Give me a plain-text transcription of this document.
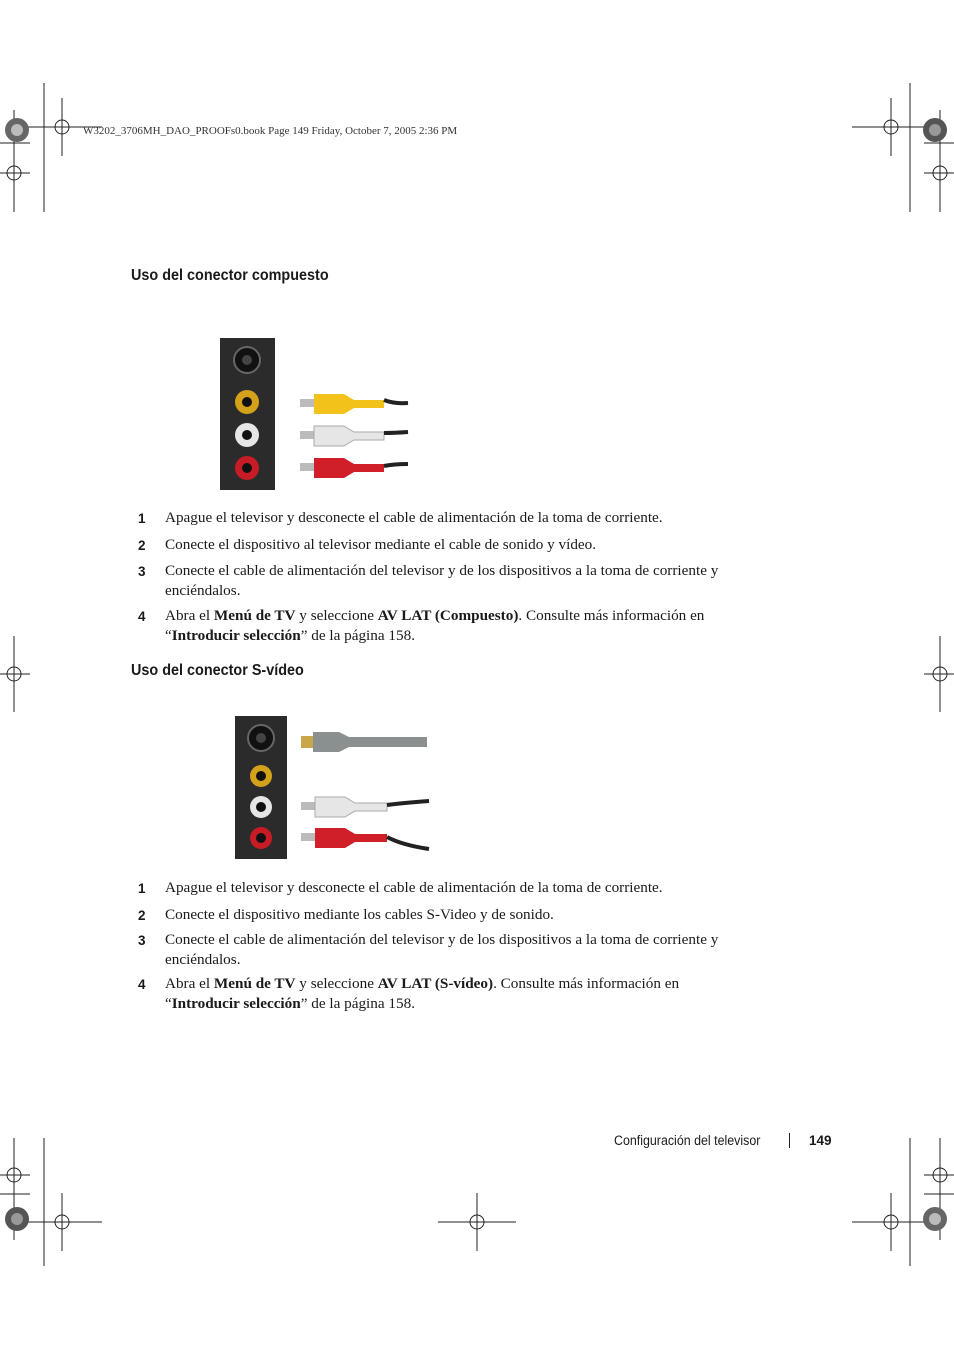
W3202_3706MH_DAO_PROOFs0.book Page 149 Friday, October 7, 2005 2:36 PM
Uso del conector compuesto
1	Apague el televisor y desconecte el cable de alimentación de la toma de corriente.
2	Conecte el dispositivo al televisor mediante el cable de sonido y vídeo.
3	Conecte el cable de alimentación del televisor y de los dispositivos a la toma de corriente y enciéndalos.
4	Abra el Menú de TV y seleccione AV LAT (Compuesto). Consulte más información en “Introducir selección” de la página 158.
Uso del conector S-vídeo
1	Apague el televisor y desconecte el cable de alimentación de la toma de corriente.
2	Conecte el dispositivo mediante los cables S-Video y de sonido.
3	Conecte el cable de alimentación del televisor y de los dispositivos a la toma de corriente y enciéndalos.
4	Abra el Menú de TV y seleccione AV LAT (S-vídeo). Consulte más información en “Introducir selección” de la página 158.
Configuración del televisor	149
